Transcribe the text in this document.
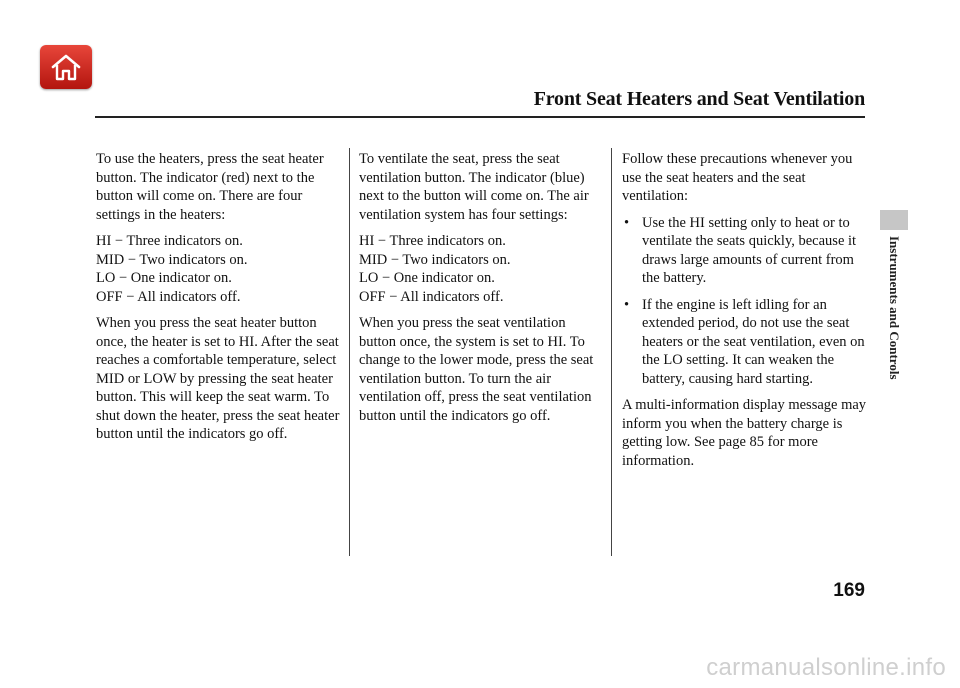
Front Seat Heaters and Seat Ventilation
Instruments and Controls

To use the heaters, press the seat heater button. The indicator (red) next to the button will come on. There are four settings in the heaters:

HI − Three indicators on.
MID − Two indicators on.
LO − One indicator on.
OFF − All indicators off.

When you press the seat heater button once, the heater is set to HI. After the seat reaches a comfortable temperature, select MID or LOW by pressing the seat heater button. This will keep the seat warm. To shut down the heater, press the seat heater button until the indicators go off.

To ventilate the seat, press the seat ventilation button. The indicator (blue) next to the button will come on. The air ventilation system has four settings:

HI − Three indicators on.
MID − Two indicators on.
LO − One indicator on.
OFF − All indicators off.

When you press the seat ventilation button once, the system is set to HI. To change to the lower mode, press the seat ventilation button. To turn the air ventilation off, press the seat ventilation button until the indicators go off.

Follow these precautions whenever you use the seat heaters and the seat ventilation:

• Use the HI setting only to heat or to ventilate the seats quickly, because it draws large amounts of current from the battery.
• If the engine is left idling for an extended period, do not use the seat heaters or the seat ventilation, even on the LO setting. It can weaken the battery, causing hard starting.

A multi-information display message may inform you when the battery charge is getting low. See page 85 for more information.

169
carmanualsonline.info
